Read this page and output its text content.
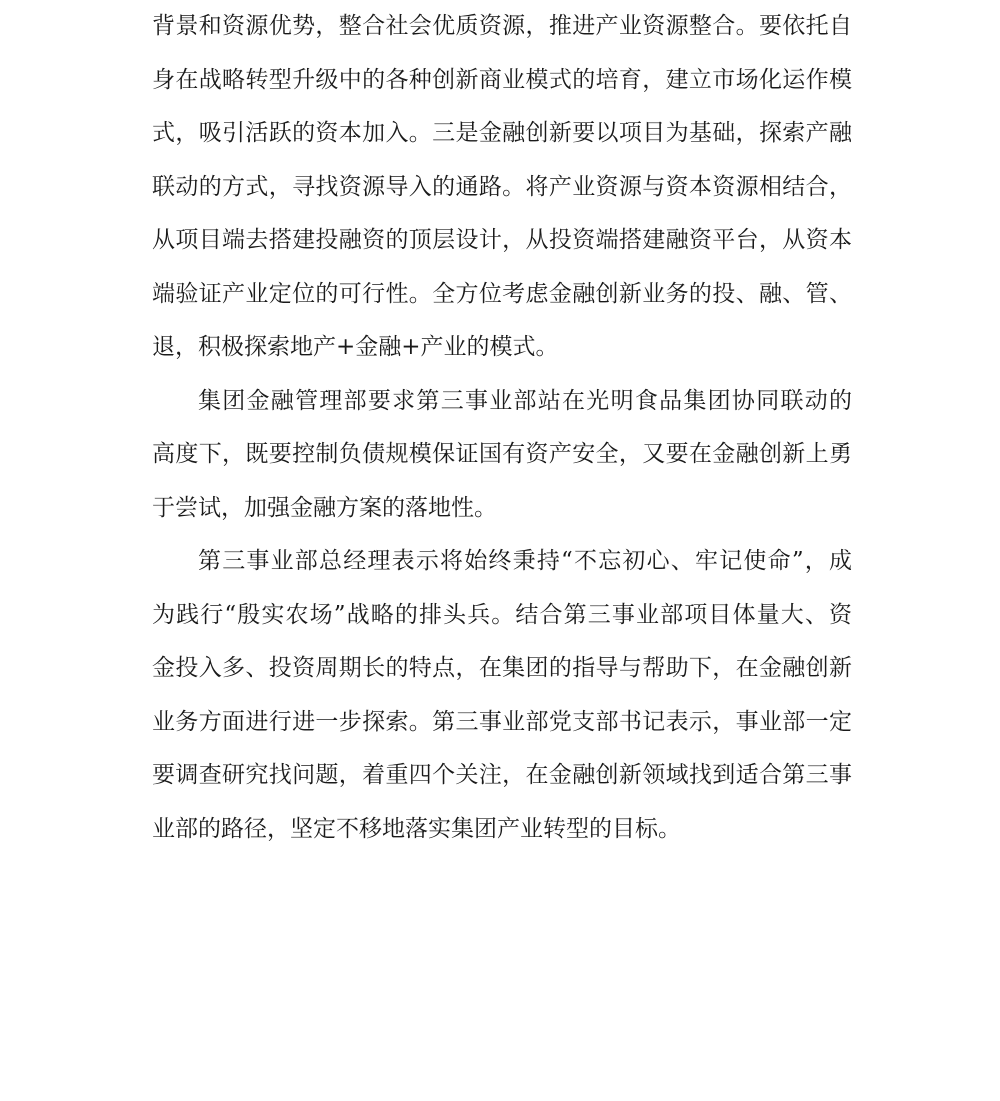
背景和资源优势，整合社会优质资源，推进产业资源整合。要依托自
身在战略转型升级中的各种创新商业模式的培育，建立市场化运作模
式，吸引活跃的资本加入。三是金融创新要以项目为基础，探索产融
联动的方式，寻找资源导入的通路。将产业资源与资本资源相结合，
从项目端去搭建投融资的顶层设计，从投资端搭建融资平台，从资本
端验证产业定位的可行性。全方位考虑金融创新业务的投、融、管、
退，积极探索地产+金融+产业的模式。
集团金融管理部要求第三事业部站在光明食品集团协同联动的
高度下，既要控制负债规模保证国有资产安全，又要在金融创新上勇
于尝试，加强金融方案的落地性。
第三事业部总经理表示将始终秉持“不忘初心、牢记使命”，成
为践行“殷实农场”战略的排头兵。结合第三事业部项目体量大、资
金投入多、投资周期长的特点，在集团的指导与帮助下，在金融创新
业务方面进行进一步探索。第三事业部党支部书记表示，事业部一定
要调查研究找问题，着重四个关注，在金融创新领域找到适合第三事
业部的路径，坚定不移地落实集团产业转型的目标。
